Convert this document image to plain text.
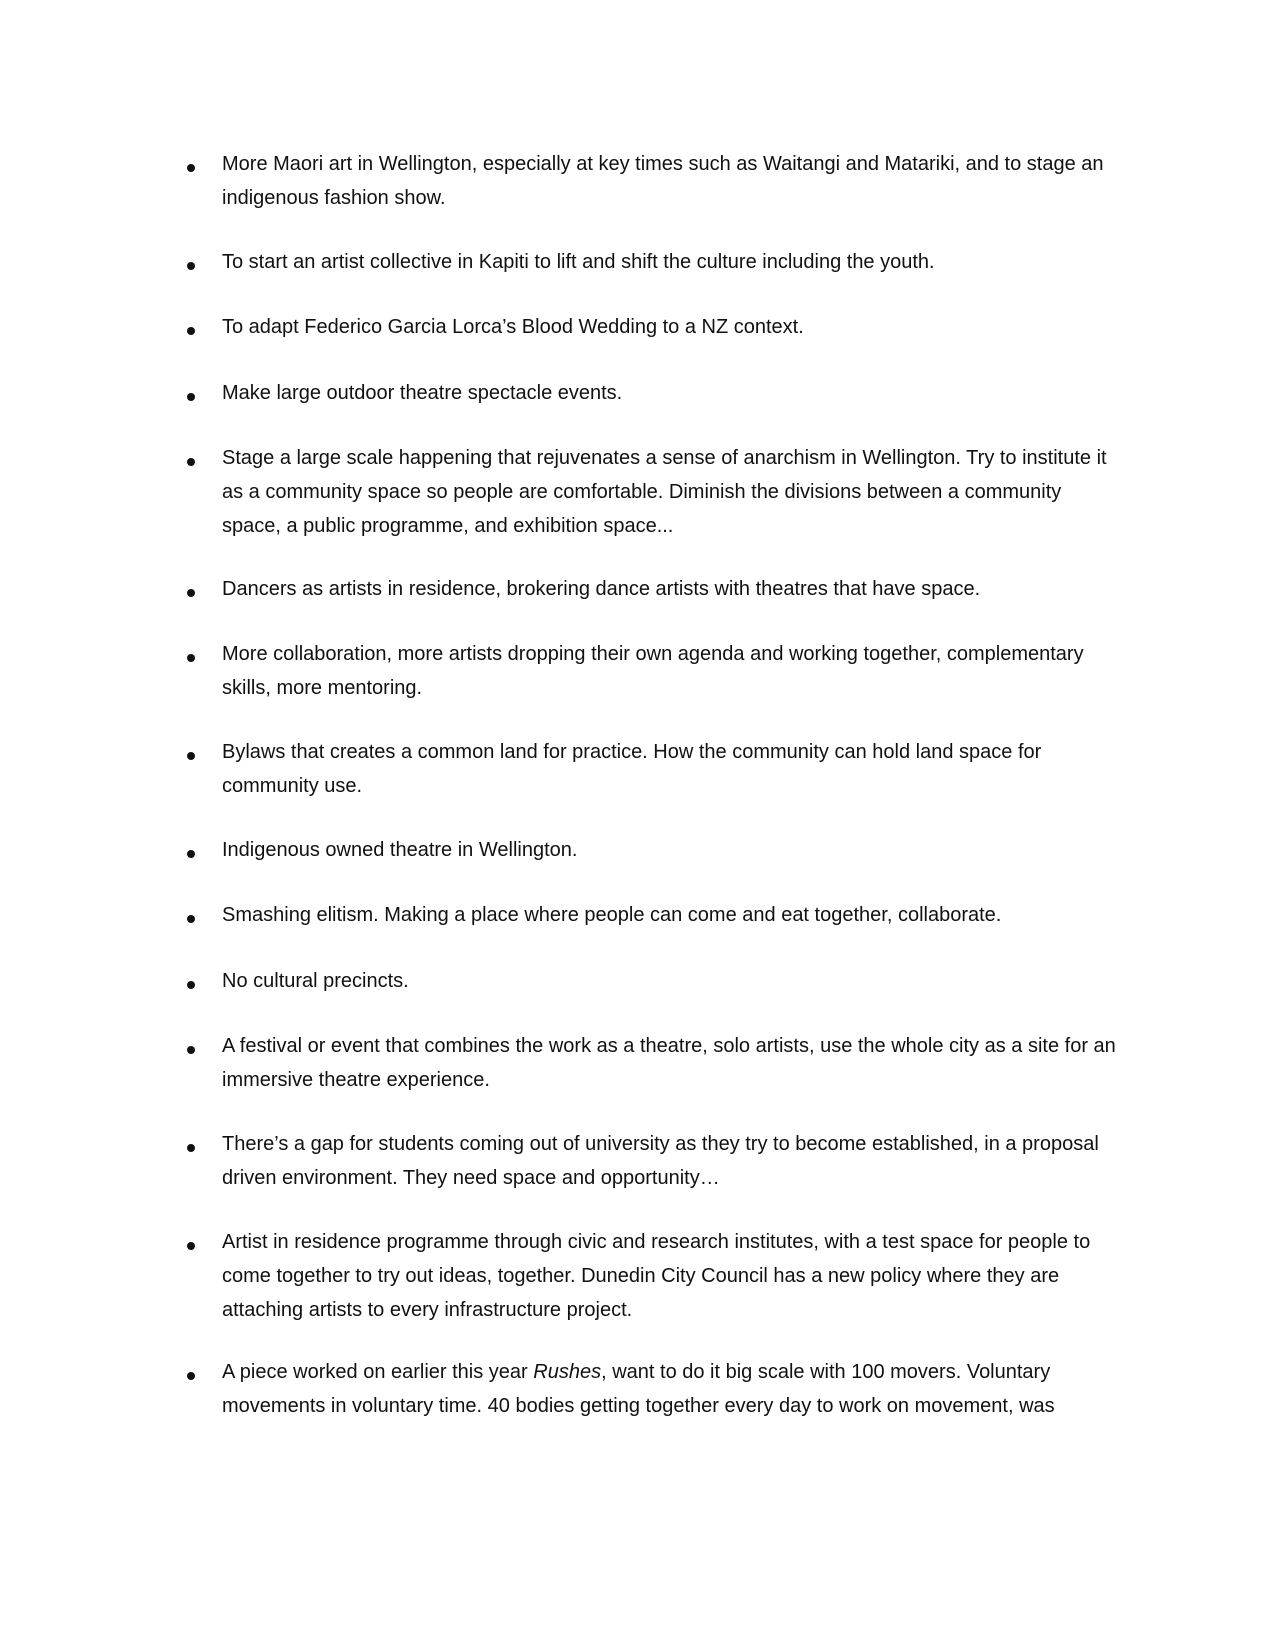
More Maori art in Wellington, especially at key times such as Waitangi and Matariki, and to stage an indigenous fashion show.
To start an artist collective in Kapiti to lift and shift the culture including the youth.
To adapt Federico Garcia Lorca’s Blood Wedding to a NZ context.
Make large outdoor theatre spectacle events.
Stage a large scale happening that rejuvenates a sense of anarchism in Wellington. Try to institute it as a community space so people are comfortable. Diminish the divisions between a community space, a public programme, and exhibition space...
Dancers as artists in residence, brokering dance artists with theatres that have space.
More collaboration, more artists dropping their own agenda and working together, complementary skills, more mentoring.
Bylaws that creates a common land for practice. How the community can hold land space for community use.
Indigenous owned theatre in Wellington.
Smashing elitism. Making a place where people can come and eat together, collaborate.
No cultural precincts.
A festival or event that combines the work as a theatre, solo artists, use the whole city as a site for an immersive theatre experience.
There’s a gap for students coming out of university as they try to become established, in a proposal driven environment. They need space and opportunity…
Artist in residence programme through civic and research institutes, with a test space for people to come together to try out ideas, together. Dunedin City Council has a new policy where they are attaching artists to every infrastructure project.
A piece worked on earlier this year Rushes, want to do it big scale with 100 movers. Voluntary movements in voluntary time. 40 bodies getting together every day to work on movement, was
